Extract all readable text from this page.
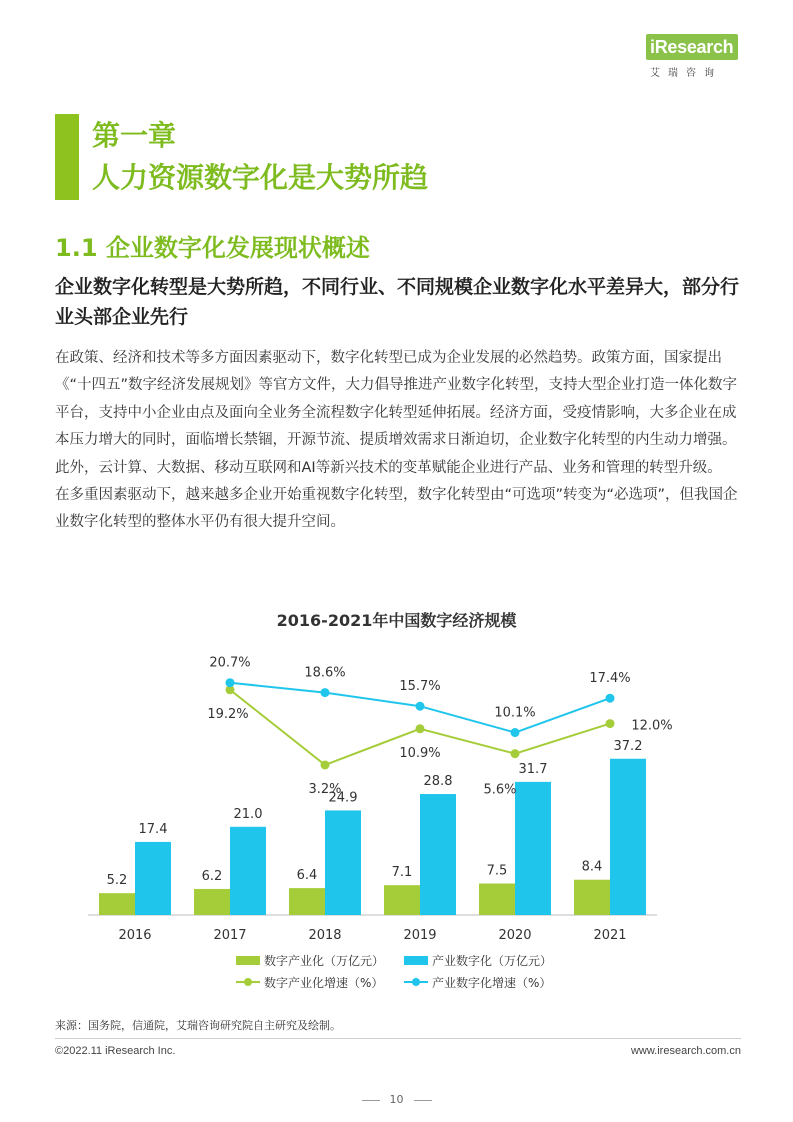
iResearch
艾瑞咨询
第一章
人力资源数字化是大势所趋
1.1 企业数字化发展现状概述
企业数字化转型是大势所趋，不同行业、不同规模企业数字化水平差异大，部分行业头部企业先行

在政策、经济和技术等多方面因素驱动下，数字化转型已成为企业发展的必然趋势。政策方面，国家提出《“十四五”数字经济发展规划》等官方文件，大力倡导推进产业数字化转型，支持大型企业打造一体化数字平台，支持中小企业由点及面向全业务全流程数字化转型延伸拓展。经济方面，受疫情影响，大多企业在成本压力增大的同时，面临增长禁锢，开源节流、提质增效需求日渐迫切，企业数字化转型的内生动力增强。此外，云计算、大数据、移动互联网和AI等新兴技术的变革赋能企业进行产品、业务和管理的转型升级。

在多重因素驱动下，越来越多企业开始重视数字化转型，数字化转型由“可选项”转变为“必选项”，但我国企业数字化转型的整体水平仍有很大提升空间。

2016-2021年中国数字经济规模
5.2
17.4
2016
6.2
21.0
2017
6.4
24.9
2018
7.1
28.8
2019
7.5
31.7
2020
8.4
37.2
2021
19.2%
3.2%
10.9%
5.6%
12.0%
20.7%
18.6%
15.7%
10.1%
17.4%
数字产业化（万亿元）	产业数字化（万亿元）
数字产业化增速（%）	产业数字化增速（%）
来源：国务院，信通院，艾瑞咨询研究院自主研究及绘制。
©2022.11 iResearch Inc.	www.iresearch.com.cn
10
